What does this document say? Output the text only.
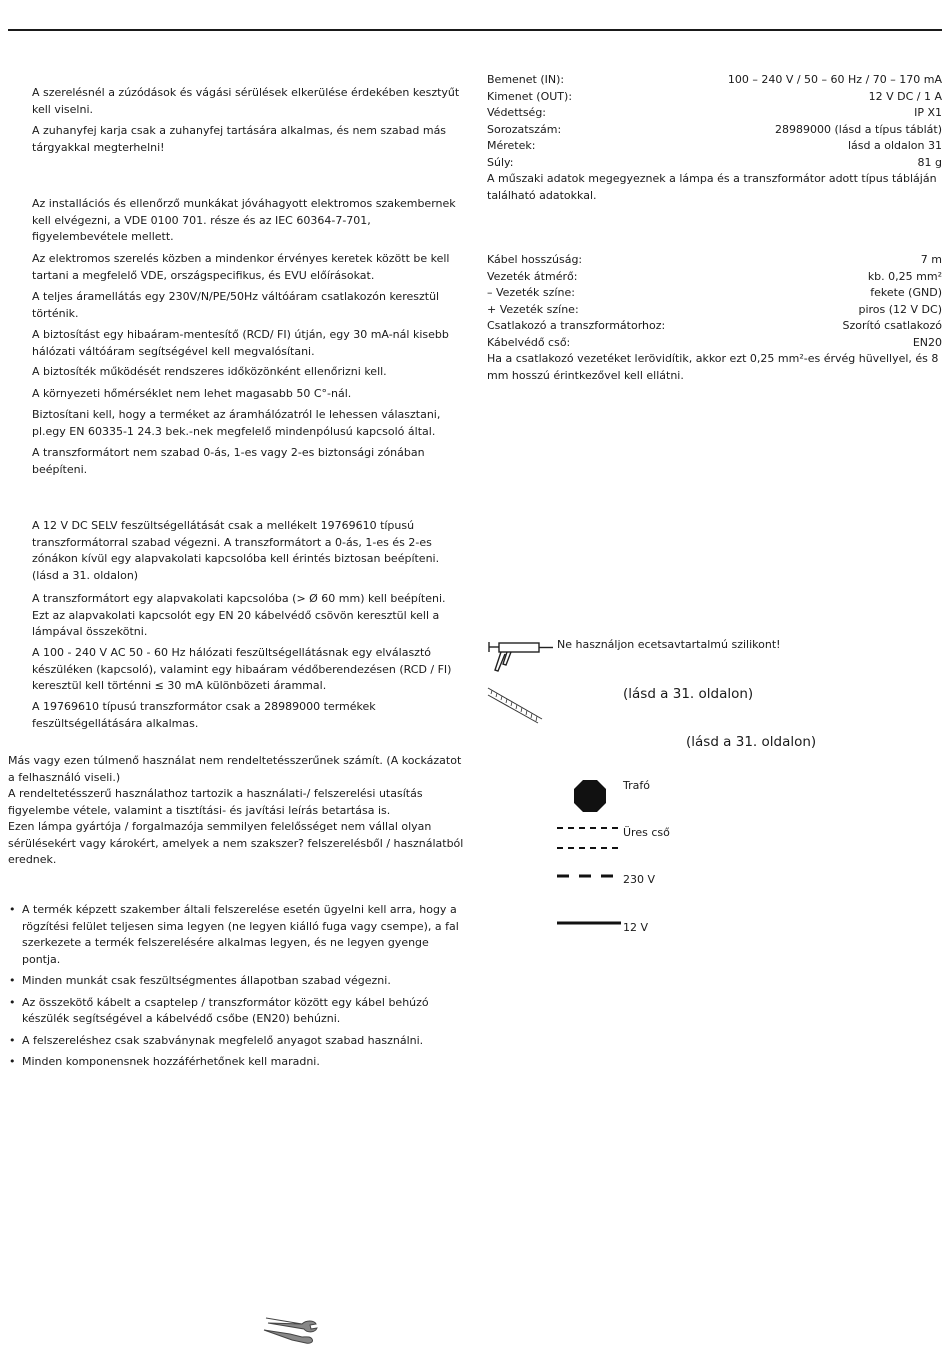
A szerelésnél a zúzódások és vágási sérülések elkerülése érdekében kesztyűt kell viselni.

A zuhanyfej karja csak a zuhanyfej tartására alkalmas, és nem szabad más tárgyakkal megterhelni!

Az installációs és ellenőrző munkákat jóváhagyott elektromos szakembernek kell elvégezni, a VDE 0100 701. része és az IEC 60364-7-701, figyelembevétele mellett.

Az elektromos szerelés közben a mindenkor érvényes keretek között be kell tartani a megfelelő VDE, országspecifikus, és EVU előírásokat.

A teljes áramellátás egy 230V/N/PE/50Hz váltóáram csatlakozón keresztül történik.

A biztosítást egy hibaáram-mentesítő (RCD/ FI) útján, egy 30 mA-nál kisebb hálózati váltóáram segítségével kell megvalósítani.

A biztosíték működését rendszeres időközönként ellenőrizni kell.

A környezeti hőmérséklet nem lehet magasabb 50 C°-nál.

Biztosítani kell, hogy a terméket az áramhálózatról le lehessen választani, pl.egy EN 60335-1 24.3 bek.-nek megfelelő mindenpólusú kapcsoló által.

A transzformátort nem szabad 0-ás, 1-es vagy 2-es biztonsági zónában beépíteni.

A 12 V DC SELV feszültségellátását csak a mellékelt 19769610 típusú transzformátorral szabad végezni. A transzformátort a 0-ás, 1-es és 2-es zónákon kívül egy alapvakolati kapcsolóba kell érintés biztosan beépíteni. (lásd a 31. oldalon)

A transzformátort egy alapvakolati kapcsolóba (> Ø 60 mm) kell beépíteni. Ezt az alapvakolati kapcsolót egy EN 20 kábelvédő csövön keresztül kell a lámpával összekötni.

A 100 - 240 V AC 50 - 60 Hz hálózati feszültségellátásnak egy elválasztó készüléken (kapcsoló), valamint egy hibaáram védőberendezésen (RCD / FI) keresztül kell történni ≤ 30 mA különbözeti árammal.

A 19769610 típusú transzformátor csak a 28989000 termékek feszültségellátására alkalmas.

Más vagy ezen túlmenő használat nem rendeltetésszerűnek számít. (A kockázatot a felhasználó viseli.)
A rendeltetésszerű használathoz tartozik a használati-/ felszerelési utasítás figyelembe vétele, valamint a tisztítási- és javítási leírás betartása is.
Ezen lámpa gyártója / forgalmazója semmilyen felelősséget nem vállal olyan sérülésekért vagy károkért, amelyek a nem szakszer? felszerelésből / használatból erednek.

• A termék képzett szakember általi felszerelése esetén ügyelni kell arra, hogy a rögzítési felület teljesen sima legyen (ne legyen kiálló fuga vagy csempe), a fal szerkezete a termék felszerelésére alkalmas legyen, és ne legyen gyenge pontja.
• Minden munkát csak feszültségmentes állapotban szabad végezni.
• Az összekötő kábelt a csaptelep / transzformátor között egy kábel behúzó készülék segítségével a kábelvédő csőbe (EN20) behúzni.
• A felszereléshez csak szabványnak megfelelő anyagot szabad használni.
• Minden komponensnek hozzáférhetőnek kell maradni.
Bemenet (IN):	100 – 240 V / 50 – 60 Hz / 70 – 170 mA
Kimenet (OUT):	12 V DC / 1 A
Védettség:	IP X1
Sorozatszám:	28989000 (lásd a típus táblát)
Méretek:	lásd a oldalon 31
Súly:	81 g

A műszaki adatok megegyeznek a lámpa és a transzformátor adott típus tábláján található adatokkal.

Kábel hosszúság:	7 m
Vezeték átmérő:	kb. 0,25 mm²
– Vezeték színe:	fekete (GND)
+ Vezeték színe:	piros (12 V DC)
Csatlakozó a transzformátorhoz:	Szorító csatlakozó
Kábelvédő cső:	EN20

Ha a csatlakozó vezetéket lerövidítik, akkor ezt 0,25 mm²-es érvég hüvellyel, és 8 mm hosszú érintkezővel kell ellátni.

Ne használjon ecetsavtartalmú szilikont!
(lásd a 31. oldalon)
(lásd a 31. oldalon)
Trafó
Üres cső
230 V
12 V
